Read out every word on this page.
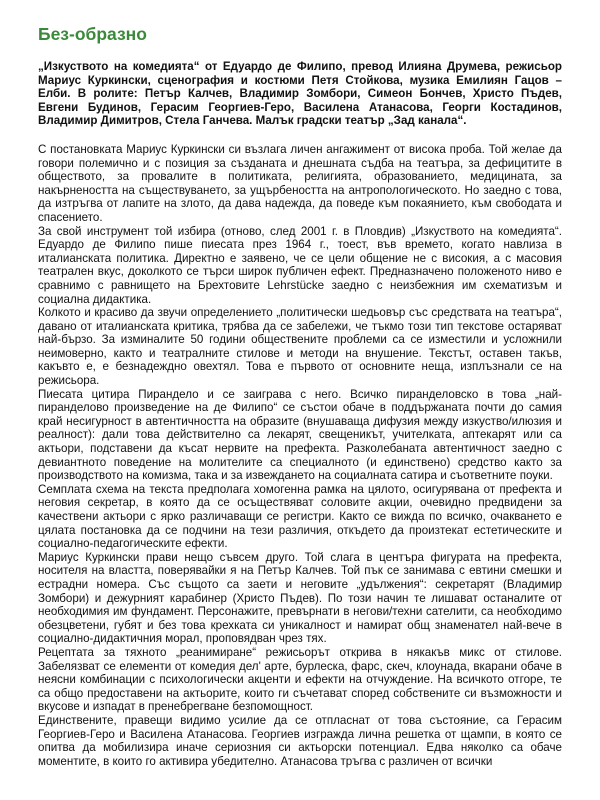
Без-образно

„Изкуството на комедията“ от Едуардо де Филипо, превод Илияна Друмева, режисьор Мариус Куркински, сценография и костюми Петя Стойкова, музика Емилиян Гацов – Елби. В ролите: Петър Калчев, Владимир Зомбори, Симеон Бончев, Христо Пъдев, Евгени Будинов, Герасим Георгиев-Геро, Василена Атанасова, Георги Костадинов, Владимир Димитров, Стела Ганчева. Малък градски театър „Зад канала“.

С постановката Мариус Куркински си възлага личен ангажимент от висока проба. Той желае да говори полемично и с позиция за създаната и днешната съдба на театъра, за дефицитите в обществото, за провалите в политиката, религията, образованието, медицината, за накърнеността на съществуването, за ущърбеността на антропологическото. Но заедно с това, да изтръгва от лапите на злото, да дава надежда, да поведе към покаянието, към свободата и спасението.

За свой инструмент той избира (отново, след 2001 г. в Пловдив) „Изкуството на комедията“. Едуардо де Филипо пише пиесата през 1964 г., тоест, във времето, когато навлиза в италианската политика. Директно е заявено, че се цели общение не с високия, а с масовия театрален вкус, доколкото се търси широк публичен ефект. Предназначено положеното ниво е сравнимо с равнището на Брехтовите Lehrstücke заедно с неизбежния им схематизъм и социална дидактика.

Колкото и красиво да звучи определението „политически шедьовър със средствата на театъра“, давано от италианската критика, трябва да се забележи, че тъкмо този тип текстове остаряват най-бързо. За изминалите 50 години обществените проблеми са се изместили и усложнили неимоверно, както и театралните стилове и методи на внушение. Текстът, оставен такъв, какъвто е, е безнадеждно овехтял. Това е първото от основните неща, изплъзнали се на режисьора.

Пиесата цитира Пирандело и се заиграва с него. Всичко пиранделовско в това „най-пиранделово произведение на де Филипо“ се състои обаче в поддържаната почти до самия край несигурност в автентичността на образите (внушаваща дифузия между изкуство/илюзия и реалност): дали това действително са лекарят, свещеникът, учителката, аптекарят или са актьори, подставени да късат нервите на префекта. Разколебаната автентичност заедно с девиантното поведение на молителите са специалното (и единствено) средство както за производството на комизма, така и за извеждането на социалната сатира и съответните поуки.

Семплата схема на текста предполага хомогенна рамка на цялото, осигурявана от префекта и неговия секретар, в която да се осъществяват соловите акции, очевидно предвидени за качествени актьори с ярко различаващи се регистри. Както се вижда по всичко, очакването е цялата постановка да се подчини на тези различия, откъдето да произтекат естетическите и социално-педагогическите ефекти.

Мариус Куркински прави нещо съвсем друго. Той слага в центъра фигурата на префекта, носителя на властта, поверявайки я на Петър Калчев. Той пък се занимава с евтини смешки и естрадни номера. Със същото са заети и неговите „удължения“: секретарят (Владимир Зомбори) и дежурният карабинер (Христо Пъдев). По този начин те лишават останалите от необходимия им фундамент. Персонажите, превърнати в негови/техни сателити, са необходимо обезцветени, губят и без това крехката си уникалност и намират общ знаменател най-вече в социално-дидактичния морал, проповядван чрез тях.

Рецептата за тяхното „реанимиране“ режисьорът открива в някакъв микс от стилове. Забелязват се елементи от комедия дел' арте, бурлеска, фарс, скеч, клоунада, вкарани обаче в неясни комбинации с психологически акценти и ефекти на отчуждение. На всичкото отгоре, те са общо предоставени на актьорите, които ги съчетават според собствените си възможности и вкусове и изпадат в пренебрегване безпомощност.

Единствените, правещи видимо усилие да се отпласнат от това състояние, са Герасим Георгиев-Геро и Василена Атанасова. Георгиев изгражда лична решетка от щампи, в която се опитва да мобилизира иначе сериозния си актьорски потенциал. Едва няколко са обаче моментите, в които го активира убедително. Атанасова тръгва с различен от всички
